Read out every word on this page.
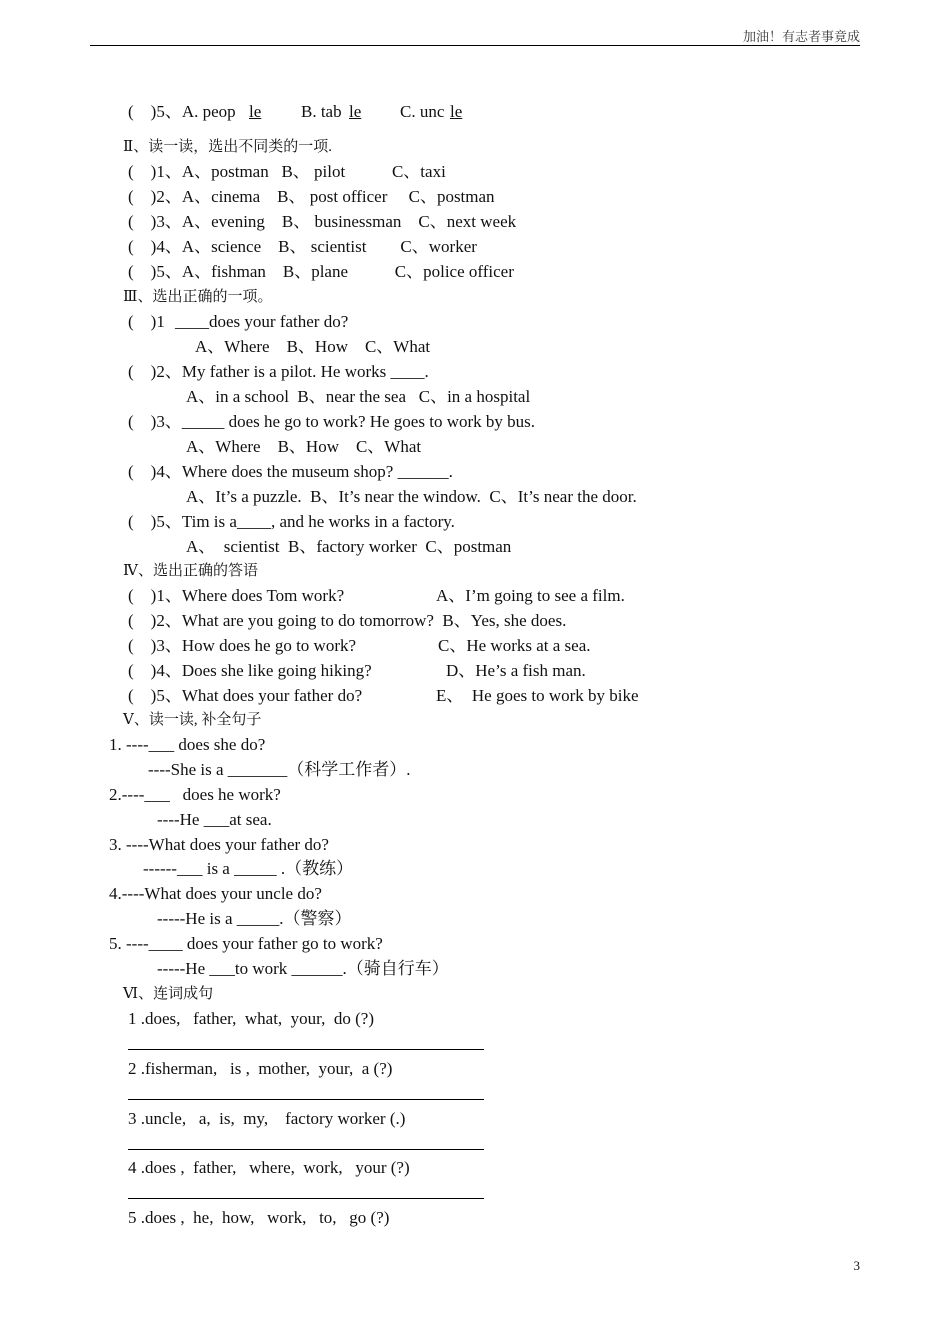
加油！有志者事竟成
(    )5、A. peop le B. tab le C. unc le
Ⅱ、读一读，选出不同类的一项.
(    )1、A、postman   B、 pilot           C、taxi
(    )2、A、cinema    B、 post officer     C、postman
(    )3、A、evening    B、 businessman    C、next week
(    )4、A、science    B、 scientist        C、worker
(    )5、A、fishman    B、plane           C、police officer
Ⅲ、选出正确的一项。
(    )1 ____ does your father do?
A、Where    B、How    C、What
(    )2、My father is a pilot. He works ____.
A、in a school  B、near the sea   C、in a hospital
(    )3、_____ does he go to work? He goes to work by bus.
A、Where    B、How    C、What
(    )4、Where does the museum shop? ______.
A、It’s a puzzle.  B、It’s near the window.  C、It’s near the door.
(    )5、Tim is a____, and he works in a factory.
A、  scientist  B、factory worker  C、postman
Ⅳ、选出正确的答语
(    )1、Where does Tom work?	A、I’m going to see a film.
(    )2、What are you going to do tomorrow?  B、Yes, she does.
(    )3、How does he go to work?	C、He works at a sea.
(    )4、Does she like going hiking?	D、He’s a fish man.
(    )5、What does your father do?	E、  He goes to work by bike
Ⅴ、读一读, 补全句子
1. ----___ does she do?
----She is a _______（科学工作者）.
2.----___   does he work?
----He ___at sea.
3. ----What does your father do?
------___ is a _____ .（教练）
4.----What does your uncle do?
-----He is a _____.（警察）
5. ----____ does your father go to work?
-----He ___to work ______.（骑自行车）
Ⅵ、连词成句
1 .does,   father,  what,  your,  do (?)
2 .fisherman,   is ,  mother,  your,  a (?)
3 .uncle,   a,  is,  my,    factory worker (.)
4 .does ,  father,   where,  work,   your (?)
5 .does ,  he,  how,   work,   to,   go (?)
3
